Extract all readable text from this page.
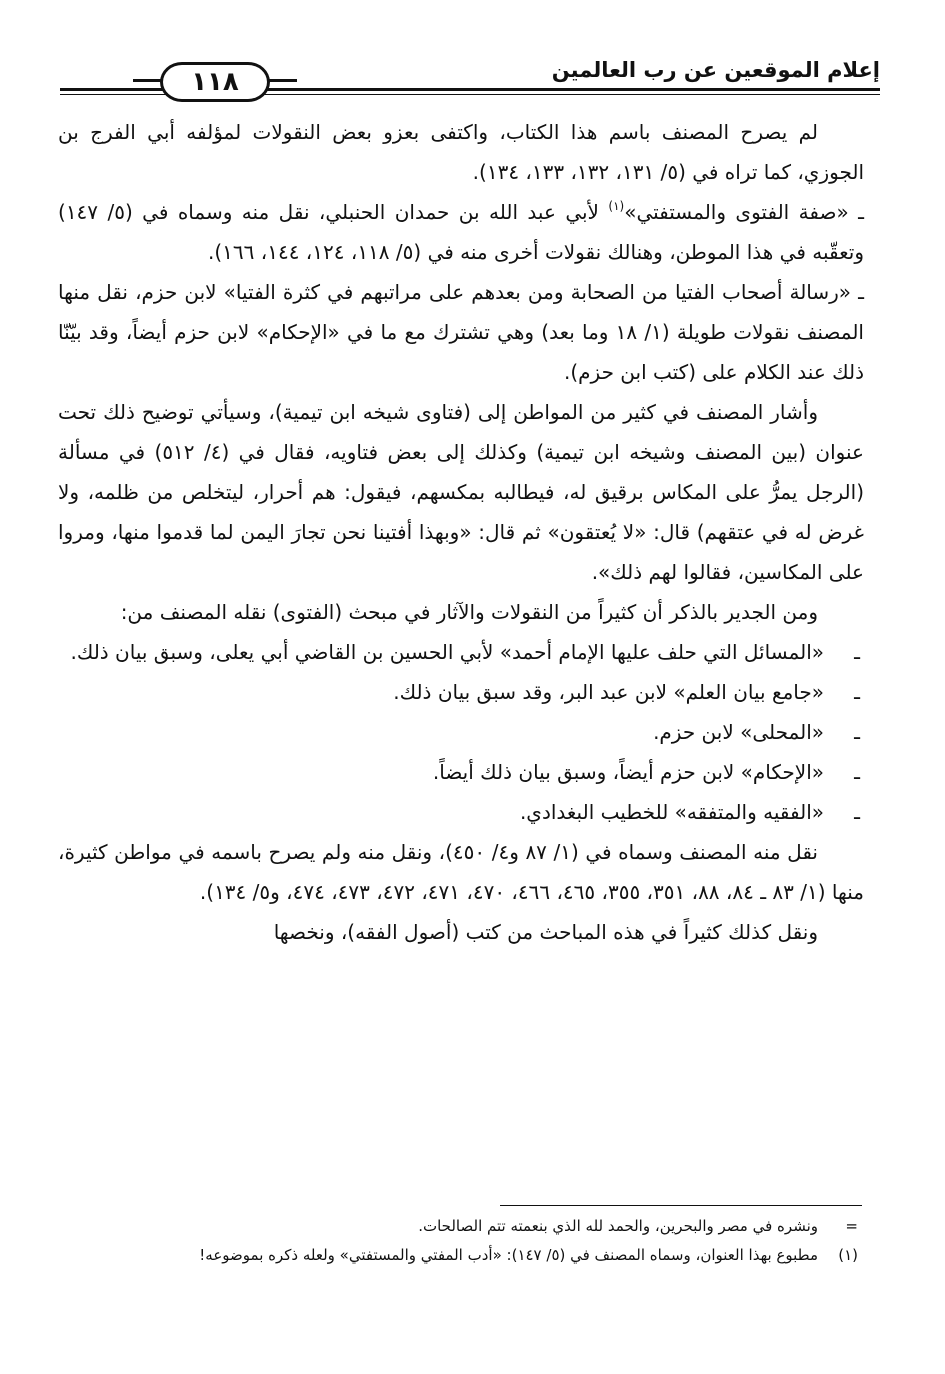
إعلام الموقعين عن رب العالمين
١١٨

لم يصرح المصنف باسم هذا الكتاب، واكتفى بعزو بعض النقولات لمؤلفه أبي الفرج بن الجوزي، كما تراه في (٥/ ١٣١، ١٣٢، ١٣٣، ١٣٤).

ـ «صفة الفتوى والمستفتي»$^{(١)}$ لأبي عبد الله بن حمدان الحنبلي، نقل منه وسماه في (٥/ ١٤٧) وتعقّبه في هذا الموطن، وهنالك نقولات أخرى منه في (٥/ ١١٨، ١٢٤، ١٤٤، ١٦٦).

ـ «رسالة أصحاب الفتيا من الصحابة ومن بعدهم على مراتبهم في كثرة الفتيا» لابن حزم، نقل منها المصنف نقولات طويلة (١/ ١٨ وما بعد) وهي تشترك مع ما في «الإحكام» لابن حزم أيضاً، وقد بيّنّا ذلك عند الكلام على (كتب ابن حزم).

وأشار المصنف في كثير من المواطن إلى (فتاوى شيخه ابن تيمية)، وسيأتي توضيح ذلك تحت عنوان (بين المصنف وشيخه ابن تيمية) وكذلك إلى بعض فتاويه، فقال في (٤/ ٥١٢) في مسألة (الرجل يمرُّ على المكاس برقيق له، فيطالبه بمكسهم، فيقول: هم أحرار، ليتخلص من ظلمه، ولا غرض له في عتقهم) قال: «لا يُعتقون» ثم قال: «وبهذا أفتينا نحن تجارَ اليمن لما قدموا منها، ومروا على المكاسين، فقالوا لهم ذلك».

ومن الجدير بالذكر أن كثيراً من النقولات والآثار في مبحث (الفتوى) نقله المصنف من:

ـ
«المسائل التي حلف عليها الإمام أحمد» لأبي الحسين بن القاضي أبي يعلى، وسبق بيان ذلك.
ـ
«جامع بيان العلم» لابن عبد البر، وقد سبق بيان ذلك.
ـ
«المحلى» لابن حزم.
ـ
«الإحكام» لابن حزم أيضاً، وسبق بيان ذلك أيضاً.
ـ
«الفقيه والمتفقه» للخطيب البغدادي.

نقل منه المصنف وسماه في (١/ ٨٧ و٤/ ٤٥٠)، ونقل منه ولم يصرح باسمه في مواطن كثيرة، منها (١/ ٨٣ ـ ٨٤، ٨٨، ٣٥١، ٣٥٥، ٤٦٥، ٤٦٦، ٤٧٠، ٤٧١، ٤٧٢، ٤٧٣، ٤٧٤، و٥/ ١٣٤).

ونقل كذلك كثيراً في هذه المباحث من كتب (أصول الفقه)، ونخصها

=
ونشره في مصر والبحرين، والحمد لله الذي بنعمته تتم الصالحات.
(١)
مطبوع بهذا العنوان، وسماه المصنف في (٥/ ١٤٧): «أدب المفتي والمستفتي» ولعله ذكره بموضوعه!
